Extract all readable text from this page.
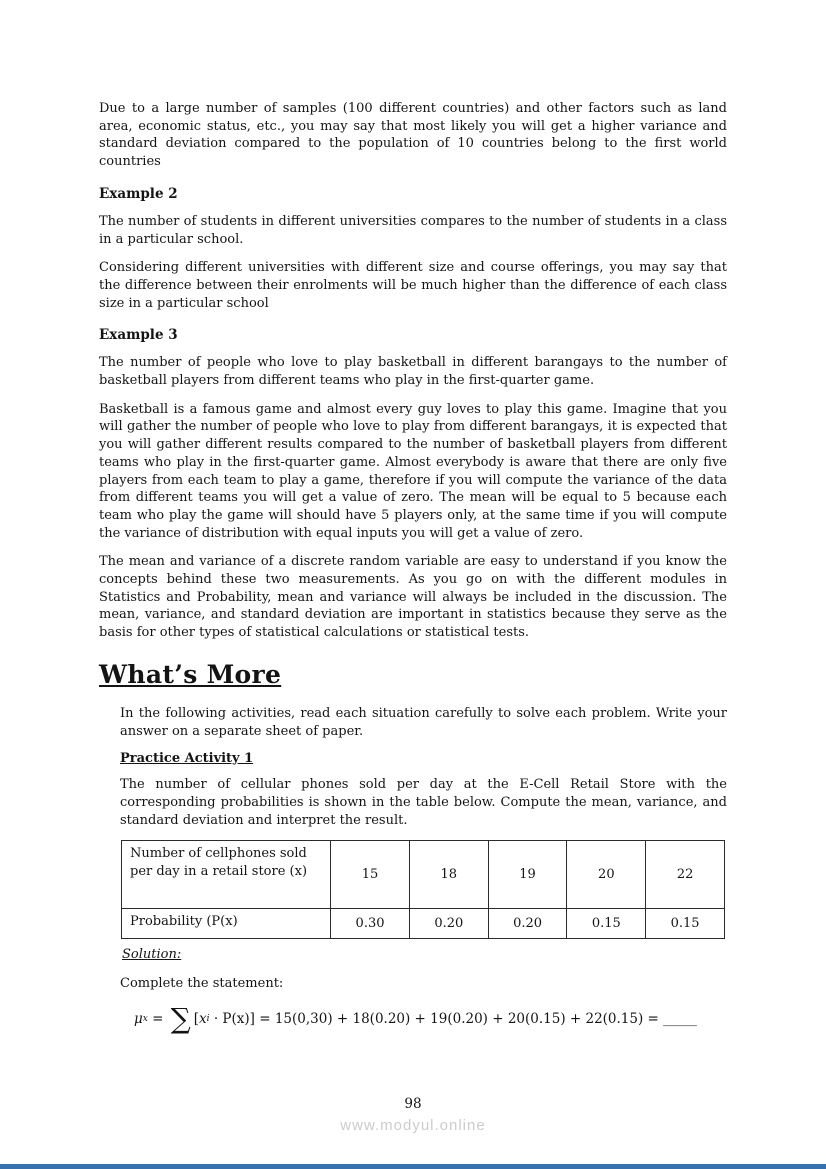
Due to a large number of samples (100 different countries) and other factors such as land area, economic status, etc., you may say that most likely you will get a higher variance and standard deviation compared to the population of 10 countries belong to the first world countries

Example 2

The number of students in different universities compares to the number of students in a class in a particular school.

Considering different universities with different size and course offerings, you may say that the difference between their enrolments will be much higher than the difference of each class size in a particular school

Example 3

The number of people who love to play basketball in different barangays to the number of basketball players from different teams who play in the first-quarter game.

Basketball is a famous game and almost every guy loves to play this game. Imagine that you will gather the number of people who love to play from different barangays, it is expected that you will gather different results compared to the number of basketball players from different teams who play in the first-quarter game. Almost everybody is aware that there are only five players from each team to play a game, therefore if you will compute the variance of the data from different teams you will get a value of zero. The mean will be equal to 5 because each team who play the game will should have 5 players only, at the same time if you will compute the variance of distribution with equal inputs you will get a value of zero.

The mean and variance of a discrete random variable are easy to understand if you know the concepts behind these two measurements. As you go on with the different modules in Statistics and Probability, mean and variance will always be included in the discussion. The mean, variance, and standard deviation are important in statistics because they serve as the basis for other types of statistical calculations or statistical tests.

What’s More

In the following activities, read each situation carefully to solve each problem. Write your answer on a separate sheet of paper.

Practice Activity 1

The number of cellular phones sold per day at the E-Cell Retail Store with the corresponding probabilities is shown in the table below. Compute the mean, variance, and standard deviation and interpret the result.

Number of cellphones sold per day in a retail store (x)	15	18	19	20	22
Probability (P(x)	0.30	0.20	0.20	0.15	0.15

Solution:

Complete the statement:

μ x = ∑ [ x i · P(x)] = 15(0,30) + 18(0.20) + 19(0.20) + 20(0.15) + 22(0.15) = _____
98
www.modyul.online
